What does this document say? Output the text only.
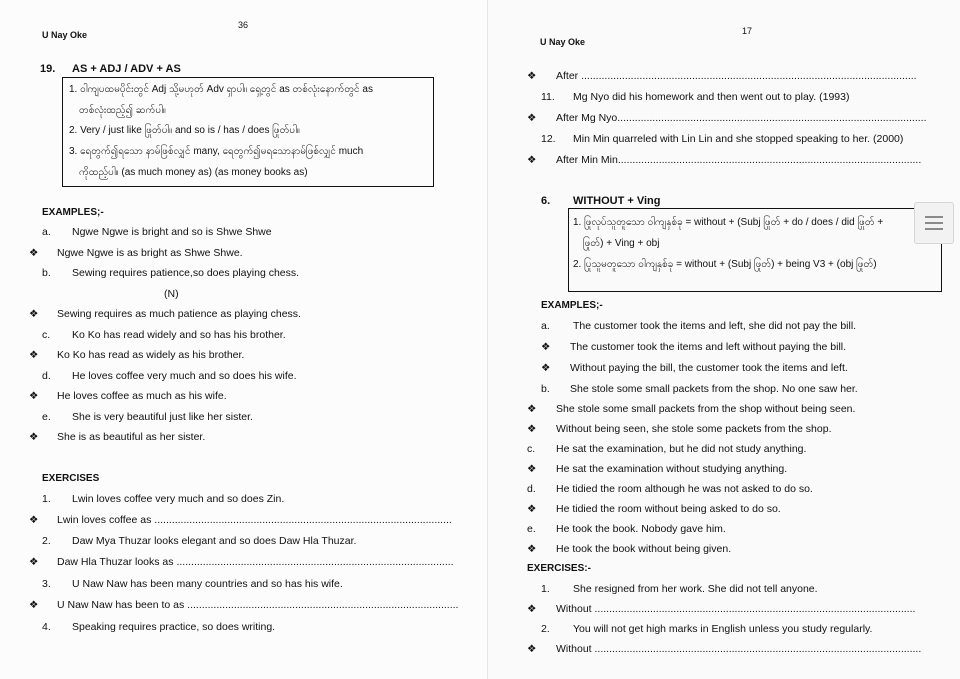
U Nay Oke
36
19. AS + ADJ / ADV + AS
1. ဝါကျပထမပိုင်းတွင် Adj သို့မဟုတ် Adv ရှာပါ။ ရှေ့တွင် as တစ်လုံးနောက်တွင် as
တစ်လုံးထည့်၍ ဆက်ပါ။
2. Very / just like ဖြုတ်ပါ။ and so is / has / does ဖြုတ်ပါ။
3. ရေတွက်၍ရသော နာမ်ဖြစ်လျှင် many, ရေတွက်၍မရသောနာမ်ဖြစ်လျှင် much
ကိုထည့်ပါ။ (as much money as) (as money books as)
EXAMPLES;-
a. Ngwe Ngwe is bright and so is Shwe Shwe
❖ Ngwe Ngwe is as bright as Shwe Shwe.
b. Sewing requires patience,so does playing chess.
(N)
❖ Sewing requires as much patience as playing chess.
c. Ko Ko has read widely and so has his brother.
❖ Ko Ko has read as widely as his brother.
d. He loves coffee very much and so does his wife.
❖ He loves coffee as much as his wife.
e. She is very beautiful just like her sister.
❖ She is as beautiful as her sister.
EXERCISES
1. Lwin loves coffee very much and so does Zin.
❖ Lwin loves coffee as ......................................................................................................
2. Daw Mya Thuzar looks elegant and so does Daw Hla Thuzar.
❖ Daw Hla Thuzar looks as ...............................................................................................
3. U Naw Naw has been many countries and so has his wife.
❖ U Naw Naw has been to as .............................................................................................
4. Speaking requires practice, so does writing.
U Nay Oke
17
❖ After ...................................................................................................................
11. Mg Nyo did his homework and then went out to play. (1993)
❖ After Mg Nyo..........................................................................................................
12. Min Min quarreled with Lin Lin and she stopped speaking to her. (2000)
❖ After Min Min........................................................................................................
6. WITHOUT + Ving
1. ဖြုလုပ်သူတူသော ဝါကျနှစ်ခု = without + (Subj ဖြုတ် + do / does / did ဖြုတ် +
ဖြုတ်) + Ving + obj
2. ပြုသူမတူသော ဝါကျနှစ်ခု = without + (Subj ဖြုတ်) + being V3 + (obj ဖြုတ်)
EXAMPLES;-
a. The customer took the items and left, she did not pay the bill.
❖ The customer took the items and left without paying the bill.
❖ Without paying the bill, the customer took the items and left.
b. She stole some small packets from the shop. No one saw her.
❖ She stole some small packets from the shop without being seen.
❖ Without being seen, she stole some packets from the shop.
c. He sat the examination, but he did not study anything.
❖ He sat the examination without studying anything.
d. He tidied the room although he was not asked to do so.
❖ He tidied the room without being asked to do so.
e. He took the book. Nobody gave him.
❖ He took the book without being given.
EXERCISES:-
1. She resigned from her work. She did not tell anyone.
❖ Without ..............................................................................................................
2. You will not get high marks in English unless you study regularly.
❖ Without ................................................................................................................
